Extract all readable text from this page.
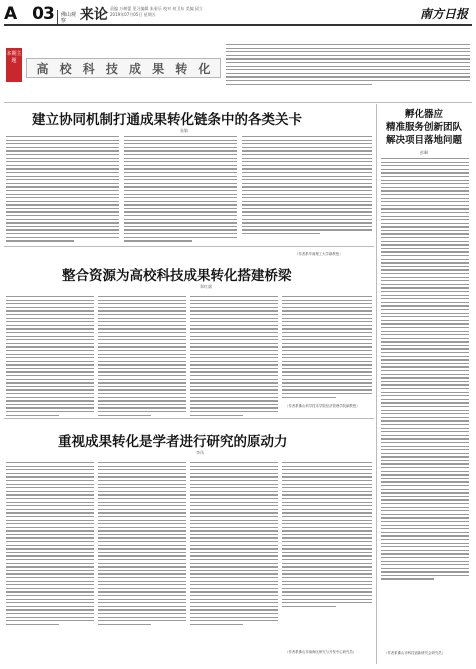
A 03 佛山观察 来论 责编 万树蕾 见习编辑 朱垂乐 校对 何卫东 美编 邱立
2019年07月05日 星期五	南方日报
本期主题
高 校 科 技 成 果 转 化
建立协同机制打通成果转化链条中的各类关卡
朱敏
（作者系华南理工大学副教授）
孵化器应
精准服务创新团队
解决项目落地问题
彭琳
（作者系佛山市科技创新研究会研究员）
整合资源为高校科技成果转化搭建桥梁
郑红斌
（作者系佛山科学技术学院经济管理学院副教授）
重视成果转化是学者进行研究的原动力
李凤
（作者系佛山市南海区研究与开发中心研究员）
